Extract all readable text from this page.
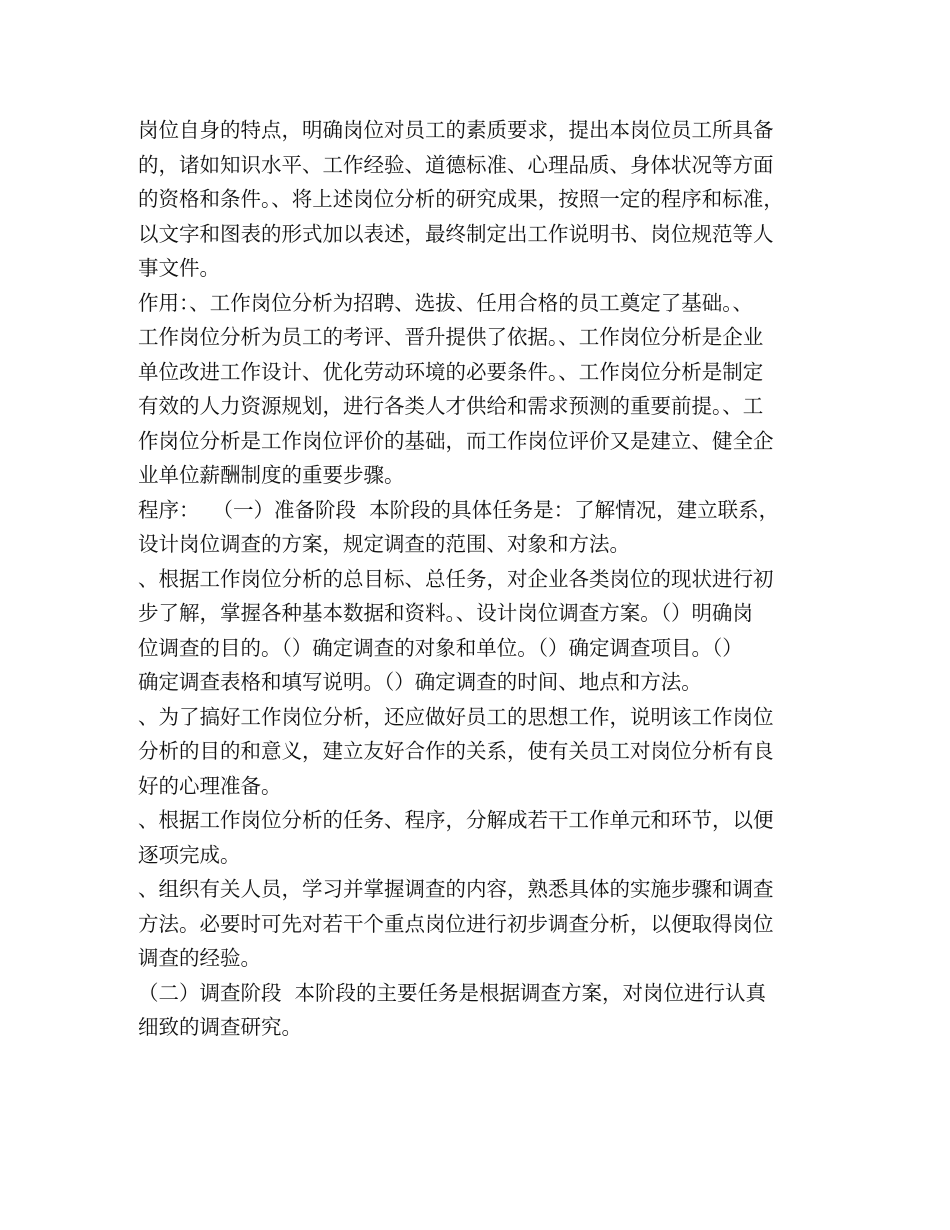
岗位自身的特点，明确岗位对员工的素质要求，提出本岗位员工所具备
的，诸如知识水平、工作经验、道德标准、心理品质、身体状况等方面
的资格和条件。、将上述岗位分析的研究成果，按照一定的程序和标准，
以文字和图表的形式加以表述，最终制定出工作说明书、岗位规范等人
事文件。
作用：、工作岗位分析为招聘、选拔、任用合格的员工奠定了基础。、
工作岗位分析为员工的考评、晋升提供了依据。、工作岗位分析是企业
单位改进工作设计、优化劳动环境的必要条件。、工作岗位分析是制定
有效的人力资源规划，进行各类人才供给和需求预测的重要前提。、工
作岗位分析是工作岗位评价的基础，而工作岗位评价又是建立、健全企
业单位薪酬制度的重要步骤。
程序：  （一）准备阶段  本阶段的具体任务是：了解情况，建立联系，
设计岗位调查的方案，规定调查的范围、对象和方法。
、根据工作岗位分析的总目标、总任务，对企业各类岗位的现状进行初
步了解，掌握各种基本数据和资料。、设计岗位调查方案。（）明确岗
位调查的目的。（）确定调查的对象和单位。（）确定调查项目。（）
确定调查表格和填写说明。（）确定调查的时间、地点和方法。
、为了搞好工作岗位分析，还应做好员工的思想工作，说明该工作岗位
分析的目的和意义，建立友好合作的关系，使有关员工对岗位分析有良
好的心理准备。
、根据工作岗位分析的任务、程序，分解成若干工作单元和环节，以便
逐项完成。
、组织有关人员，学习并掌握调查的内容，熟悉具体的实施步骤和调查
方法。必要时可先对若干个重点岗位进行初步调查分析，以便取得岗位
调查的经验。
（二）调查阶段  本阶段的主要任务是根据调查方案，对岗位进行认真
细致的调查研究。
